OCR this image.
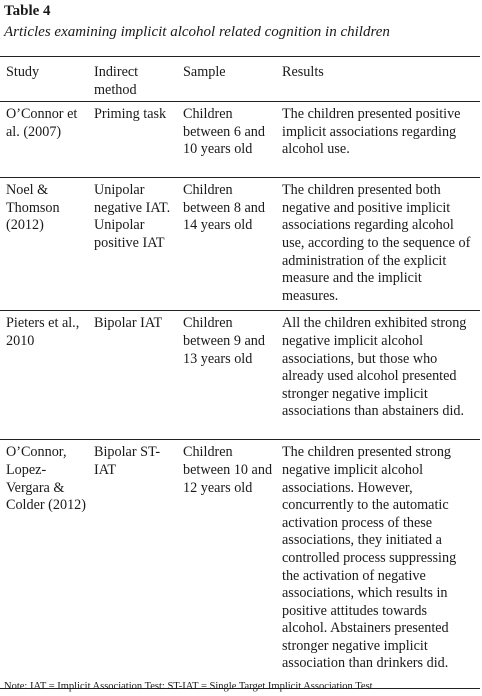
Table 4
Articles examining implicit alcohol related cognition in children
Study	Indirect method	Sample	Results
O’Connor et al. (2007)	Priming task	Children between 6 and 10 years old	The children presented positive implicit associations regarding alcohol use.
Noel & Thomson (2012)	Unipolar negative IAT. Unipolar positive IAT	Children between 8 and 14 years old	The children presented both negative and positive implicit associations regarding alcohol use, according to the sequence of administration of the explicit measure and the implicit measures.
Pieters et al., 2010	Bipolar IAT	Children between 9 and 13 years old	All the children exhibited strong negative implicit alcohol associations, but those who already used alcohol presented stronger negative implicit associations than abstainers did.
O’Connor, Lopez-Vergara & Colder (2012)	Bipolar ST-IAT	Children between 10 and 12 years old	The children presented strong negative implicit alcohol associations. However, concurrently to the automatic activation process of these associations, they initiated a controlled process suppressing the activation of negative associations, which results in positive attitudes towards alcohol. Abstainers presented stronger negative implicit association than drinkers did.
Note: IAT = Implicit Association Test: ST-IAT = Single Target Implicit Association Test
